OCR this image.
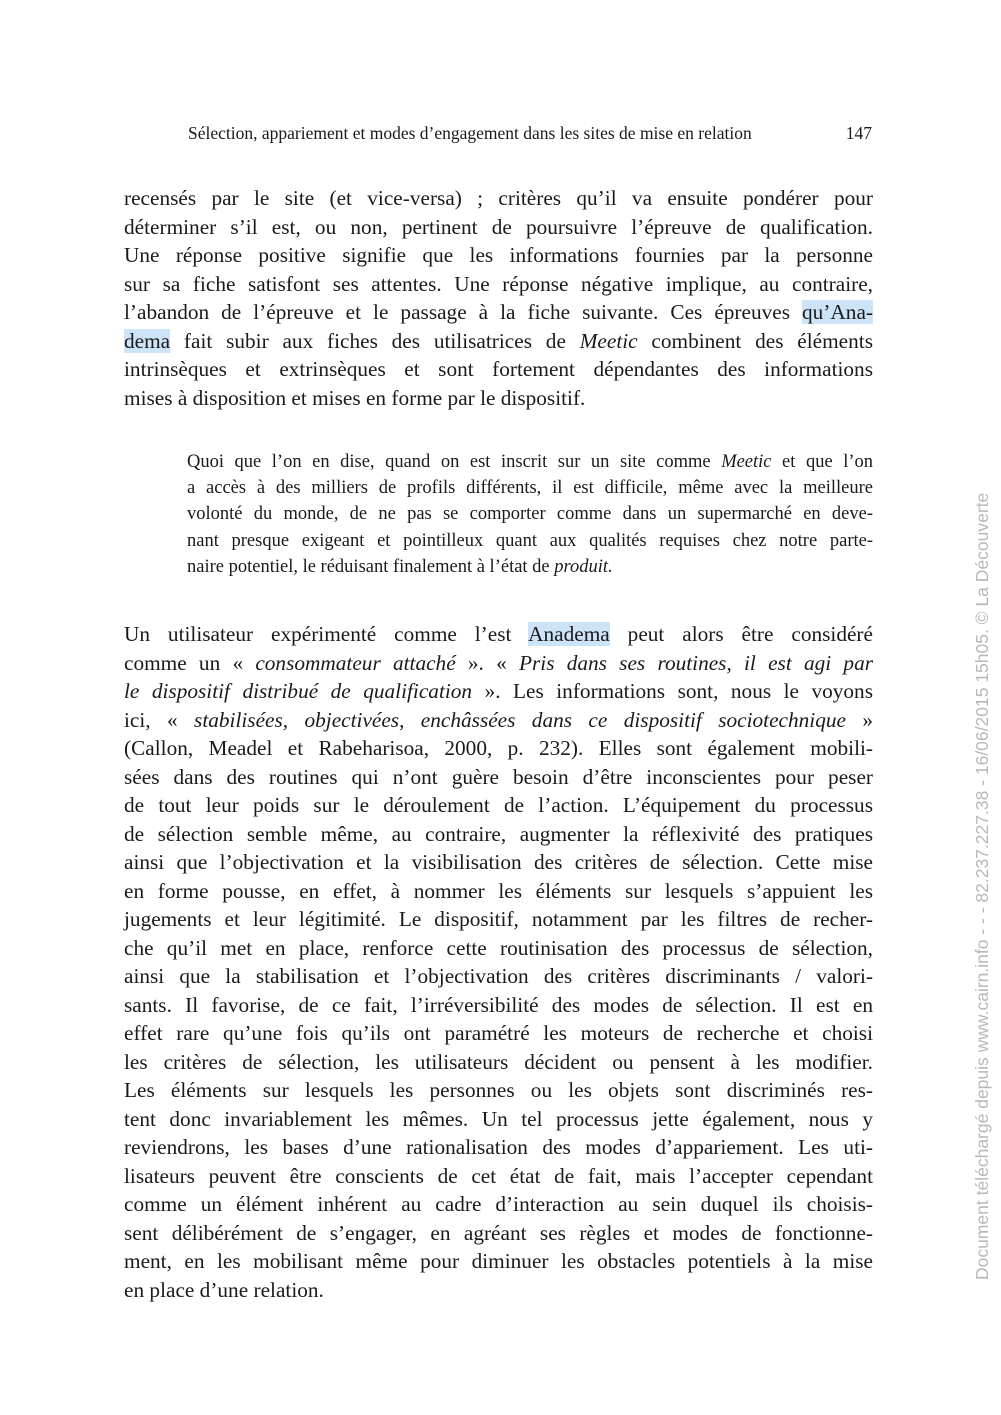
Sélection, appariement et modes d’engagement dans les sites de mise en relation	147
recensés par le site (et vice-versa) ; critères qu’il va ensuite pondérer pour
déterminer s’il est, ou non, pertinent de poursuivre l’épreuve de qualification.
Une réponse positive signifie que les informations fournies par la personne
sur sa fiche satisfont ses attentes. Une réponse négative implique, au contraire,
l’abandon de l’épreuve et le passage à la fiche suivante. Ces épreuves qu’Ana-
dema fait subir aux fiches des utilisatrices de Meetic combinent des éléments
intrinsèques et extrinsèques et sont fortement dépendantes des informations
mises à disposition et mises en forme par le dispositif.
Quoi que l’on en dise, quand on est inscrit sur un site comme Meetic et que l’on
a accès à des milliers de profils différents, il est difficile, même avec la meilleure
volonté du monde, de ne pas se comporter comme dans un supermarché en deve-
nant presque exigeant et pointilleux quant aux qualités requises chez notre parte-
naire potentiel, le réduisant finalement à l’état de produit.
Un utilisateur expérimenté comme l’est Anadema peut alors être considéré
comme un « consommateur attaché ». « Pris dans ses routines, il est agi par
le dispositif distribué de qualification ». Les informations sont, nous le voyons
ici, « stabilisées, objectivées, enchâssées dans ce dispositif sociotechnique »
(Callon, Meadel et Rabeharisoa, 2000, p. 232). Elles sont également mobili-
sées dans des routines qui n’ont guère besoin d’être inconscientes pour peser
de tout leur poids sur le déroulement de l’action. L’équipement du processus
de sélection semble même, au contraire, augmenter la réflexivité des pratiques
ainsi que l’objectivation et la visibilisation des critères de sélection. Cette mise
en forme pousse, en effet, à nommer les éléments sur lesquels s’appuient les
jugements et leur légitimité. Le dispositif, notamment par les filtres de recher-
che qu’il met en place, renforce cette routinisation des processus de sélection,
ainsi que la stabilisation et l’objectivation des critères discriminants / valori-
sants. Il favorise, de ce fait, l’irréversibilité des modes de sélection. Il est en
effet rare qu’une fois qu’ils ont paramétré les moteurs de recherche et choisi
les critères de sélection, les utilisateurs décident ou pensent à les modifier.
Les éléments sur lesquels les personnes ou les objets sont discriminés res-
tent donc invariablement les mêmes. Un tel processus jette également, nous y
reviendrons, les bases d’une rationalisation des modes d’appariement. Les uti-
lisateurs peuvent être conscients de cet état de fait, mais l’accepter cependant
comme un élément inhérent au cadre d’interaction au sein duquel ils choisis-
sent délibérément de s’engager, en agréant ses règles et modes de fonctionne-
ment, en les mobilisant même pour diminuer les obstacles potentiels à la mise
en place d’une relation.
Document téléchargé depuis www.cairn.info - - - 82.237.227.38 - 16/06/2015 15h05. © La Découverte
